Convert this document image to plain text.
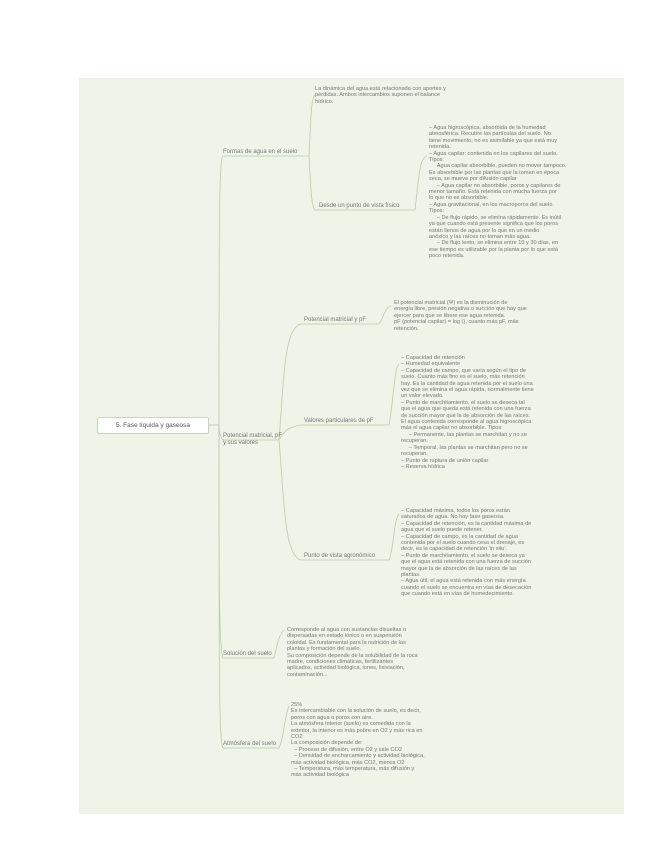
5. Fase líquida y gaseosa
Formas de agua en el suelo
La dinámica del agua está relacionada con aportes y
pérdidas. Ambos intercambios suponen el balance
hídrico.
Desde un punto de vista físico
– Agua higroscópica, absorbida de la humedad
atmosférica. Recubre las partículas del suelo. No
tiene movimiento, no es asimilable ya que está muy
retenida.
– Agua capilar: contenida en los capilares del suelo.
Tipos:
Agua capilar absorbible, pueden no mover tampoco.
Es absorbible por las plantas que la toman en época
seca, se mueve por difusión capilar
– Agua capilar no absorbible, poros y capilares de
menor tamaño. Está retenida con mucha fuerza por
lo que no es absorbible.
– Agua gravitacional, en los macroporos del suelo.
Tipos:
– De flujo rápido, se elimina rápidamente. Es inútil
ya que cuando está presente significa que los poros
están llenos de agua por lo que en un medio
anóxico y las raíces no toman más agua.
– De flujo lento, se elimina entre 10 y 30 días, en
ese tiempo es utilizable por la planta por lo que está
poco retenida.
Potencial matricial, pF
y sus valores
Potencial matricial y pF
El potencial matricial (Ψ) es la disminución de
energía libre, presión negativa o succión que hay que
ejercer para que se libere ese agua retenida.
pF (potencial capilar) = log (), cuanto más pF, más
retención.
Valores particulares de pF
– Capacidad de retención
– Humedad equivalente
– Capacidad de campo, que varía según el tipo de
suelo. Cuanto más fino es el suelo, más retención
hay. Es la cantidad de agua retenida por el suelo una
vez que se elimina el agua rápida, normalmente tiene
un valor elevado.
– Punto de marchitamiento, el suelo se deseca tal
que el agua que queda está retenida con una fuerza
de succión mayor que la de absorción de las raíces.
El agua contenida corresponde al agua higroscópica
más el agua capilar no absorbible. Tipos:
– Permanente, las plantas se marchitan y no se
recuperan.
– Temporal, las plantas se marchitan pero no se
recuperan.
– Punto de ruptura de unión capilar
– Reserva hídrica
Punto de vista agronómico
– Capacidad máxima, todos los poros están
saturados de agua. No hay fase gaseosa.
– Capacidad de retención, es la cantidad máxima de
agua que el suelo puede retener.
– Capacidad de campo, es la cantidad de agua
contenida por el suelo cuando cesa el drenaje, es
decir, es la capacidad de retención 'in situ'.
– Punto de marchitamiento, el suelo se deseca ya
que el agua está retenida con una fuerza de succión
mayor que la de absorción de las raíces de las
plantas.
– Agua útil, el agua está retenida con más energía
cuando el suelo se encuentra en vías de desecación
que cuando está en vías de humedecimiento.
Solución del suelo
Corresponde al agua con sustancias disueltas o
dispersadas en estado iónico o en suspensión
coloidal. Es fundamental para la nutrición de las
plantas y formación del suelo.
Su composición depende de la solubilidad de la roca
madre, condiciones climáticas, fertilizantes
aplicados, actividad biológica, iones, lixiviación,
contaminación...
Atmósfera del suelo
25%
Es intercambiable con la solución de suelo, es decir,
poros con agua o poros con aire.
La atmósfera interior (suelo) es comedida con la
exterior, la interior es más pobre en O2 y más rica en
CO2
La composición depende de:
– Proceso de difusión, entre O2 y sale CO2
– Densidad de encharcamiento y actividad biológica,
más actividad biológica, más CO2, menos O2
– Temperatura, más temperatura, más difusión y
más actividad biológica
